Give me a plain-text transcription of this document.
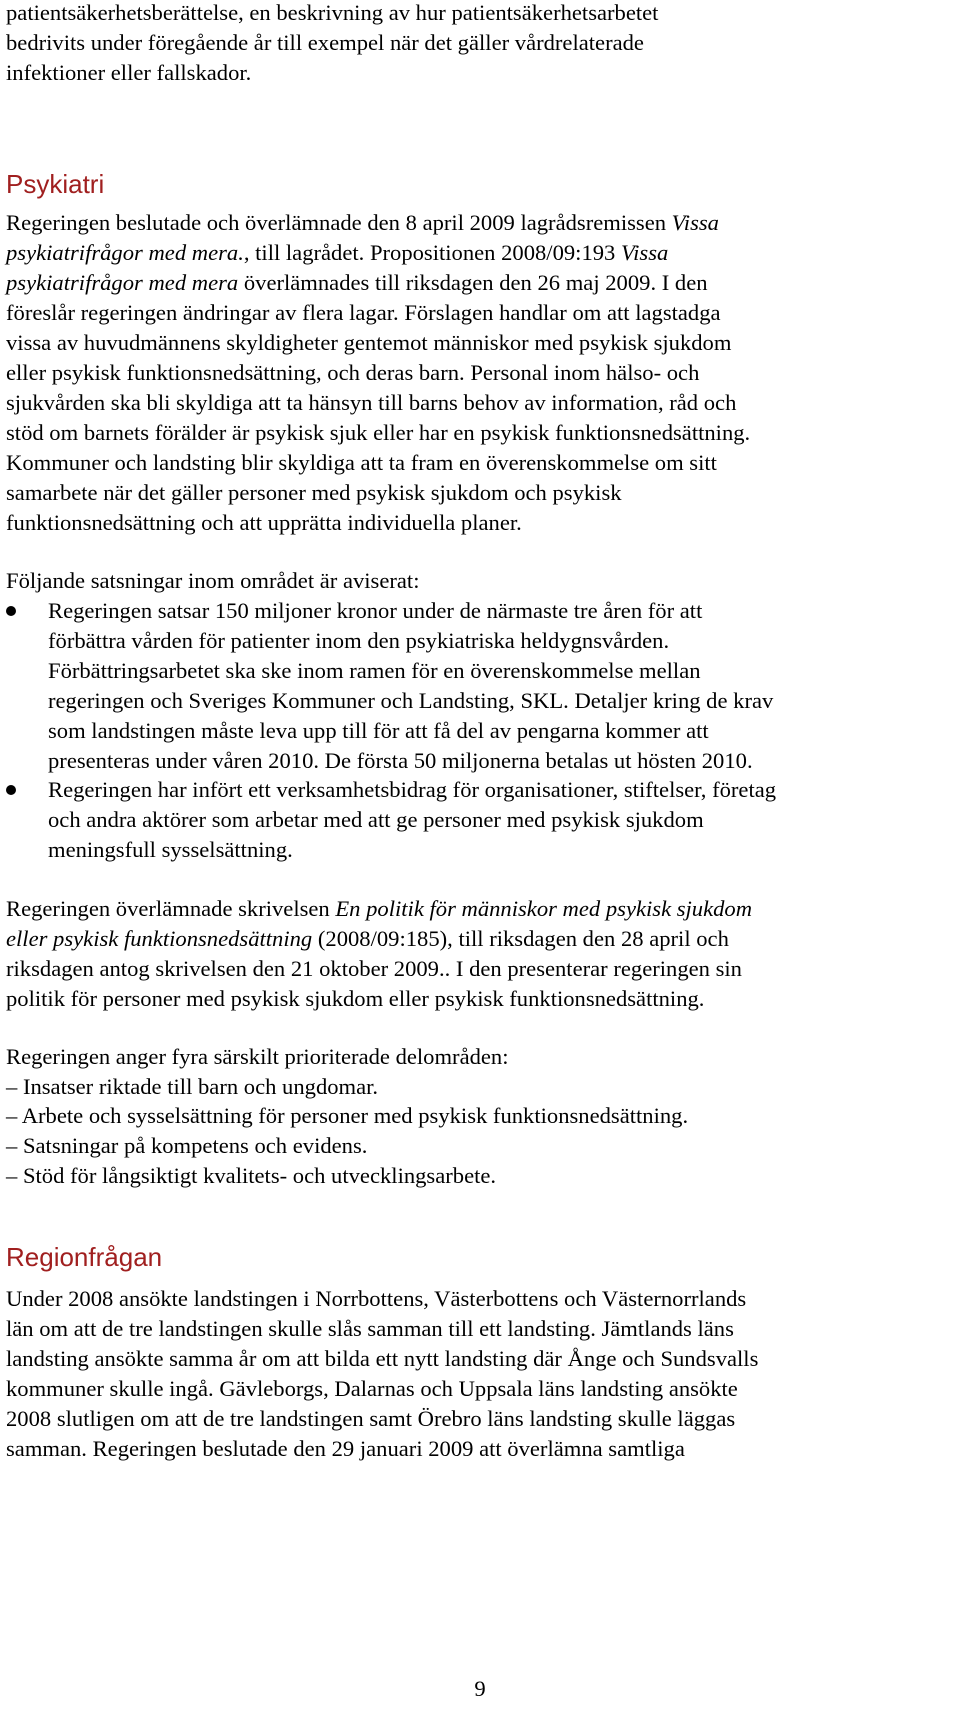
patientsäkerhetsberättelse, en beskrivning av hur patientsäkerhetsarbetet
bedrivits under föregående år till exempel när det gäller vårdrelaterade
infektioner eller fallskador.
Psykiatri
Regeringen beslutade och överlämnade den 8 april 2009 lagrådsremissen Vissa
psykiatrifrågor med mera., till lagrådet. Propositionen 2008/09:193 Vissa
psykiatrifrågor med mera överlämnades till riksdagen den 26 maj 2009. I den
föreslår regeringen ändringar av flera lagar. Förslagen handlar om att lagstadga
vissa av huvudmännens skyldigheter gentemot människor med psykisk sjukdom
eller psykisk funktionsnedsättning, och deras barn. Personal inom hälso- och
sjukvården ska bli skyldiga att ta hänsyn till barns behov av information, råd och
stöd om barnets förälder är psykisk sjuk eller har en psykisk funktionsnedsättning.
Kommuner och landsting blir skyldiga att ta fram en överenskommelse om sitt
samarbete när det gäller personer med psykisk sjukdom och psykisk
funktionsnedsättning och att upprätta individuella planer.
Följande satsningar inom området är aviserat:
Regeringen satsar 150 miljoner kronor under de närmaste tre åren för att
förbättra vården för patienter inom den psykiatriska heldygnsvården.
Förbättringsarbetet ska ske inom ramen för en överenskommelse mellan
regeringen och Sveriges Kommuner och Landsting, SKL. Detaljer kring de krav
som landstingen måste leva upp till för att få del av pengarna kommer att
presenteras under våren 2010. De första 50 miljonerna betalas ut hösten 2010.
Regeringen har infört ett verksamhetsbidrag för organisationer, stiftelser, företag
och andra aktörer som arbetar med att ge personer med psykisk sjukdom
meningsfull sysselsättning.
Regeringen överlämnade skrivelsen En politik för människor med psykisk sjukdom
eller psykisk funktionsnedsättning (2008/09:185), till riksdagen den 28 april och
riksdagen antog skrivelsen den 21 oktober 2009.. I den presenterar regeringen sin
politik för personer med psykisk sjukdom eller psykisk funktionsnedsättning.
Regeringen anger fyra särskilt prioriterade delområden:
– Insatser riktade till barn och ungdomar.
– Arbete och sysselsättning för personer med psykisk funktionsnedsättning.
– Satsningar på kompetens och evidens.
– Stöd för långsiktigt kvalitets- och utvecklingsarbete.
Regionfrågan
Under 2008 ansökte landstingen i Norrbottens, Västerbottens och Västernorrlands
län om att de tre landstingen skulle slås samman till ett landsting. Jämtlands läns
landsting ansökte samma år om att bilda ett nytt landsting där Ånge och Sundsvalls
kommuner skulle ingå. Gävleborgs, Dalarnas och Uppsala läns landsting ansökte
2008 slutligen om att de tre landstingen samt Örebro läns landsting skulle läggas
samman. Regeringen beslutade den 29 januari 2009 att överlämna samtliga
9
